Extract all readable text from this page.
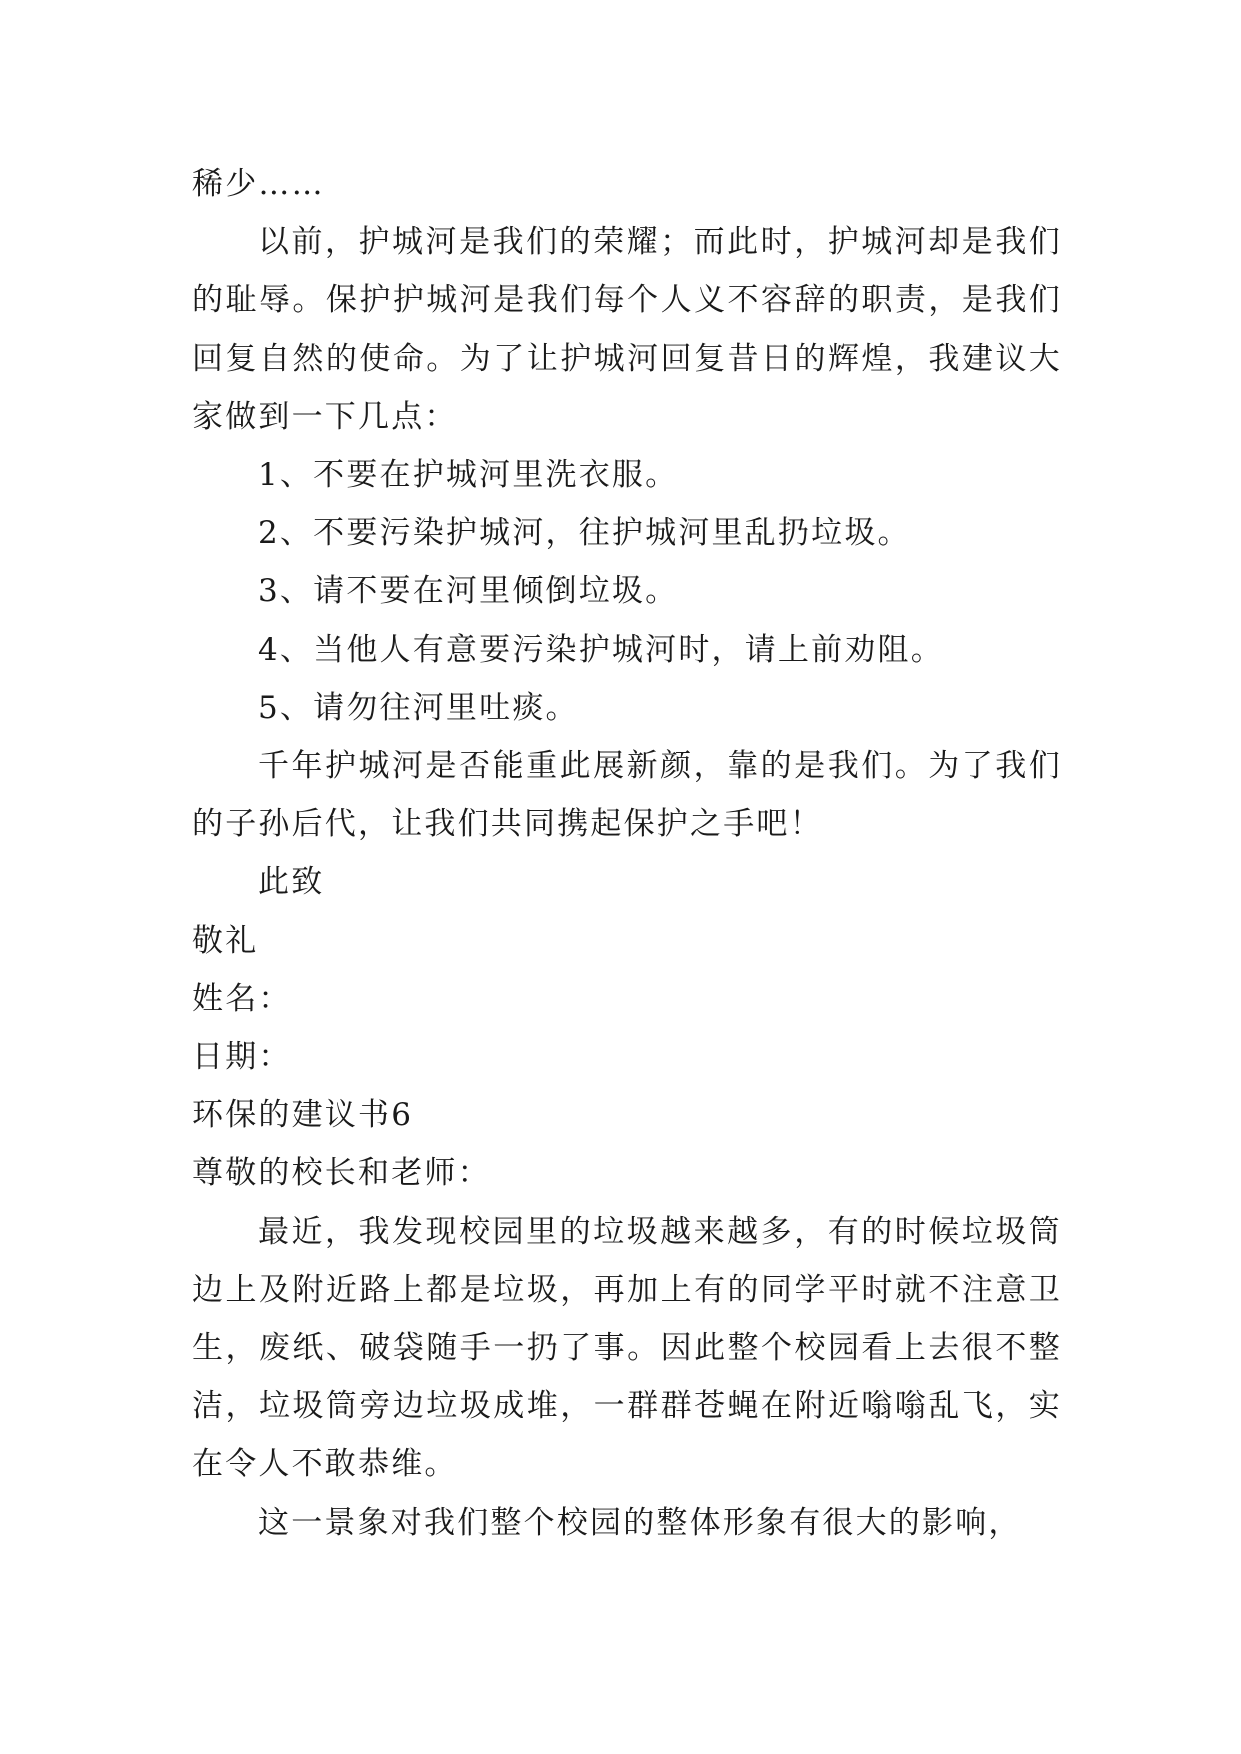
稀少……

以前，护城河是我们的荣耀；而此时，护城河却是我们的耻辱。保护护城河是我们每个人义不容辞的职责，是我们回复自然的使命。为了让护城河回复昔日的辉煌，我建议大家做到一下几点：

1、不要在护城河里洗衣服。

2、不要污染护城河，往护城河里乱扔垃圾。

3、请不要在河里倾倒垃圾。

4、当他人有意要污染护城河时，请上前劝阻。

5、请勿往河里吐痰。

千年护城河是否能重此展新颜，靠的是我们。为了我们的子孙后代，让我们共同携起保护之手吧！

此致

敬礼

姓名：

日期：

环保的建议书6

尊敬的校长和老师：

最近，我发现校园里的垃圾越来越多，有的时候垃圾筒边上及附近路上都是垃圾，再加上有的同学平时就不注意卫生，废纸、破袋随手一扔了事。因此整个校园看上去很不整洁，垃圾筒旁边垃圾成堆，一群群苍蝇在附近嗡嗡乱飞，实在令人不敢恭维。

这一景象对我们整个校园的整体形象有很大的影响，
